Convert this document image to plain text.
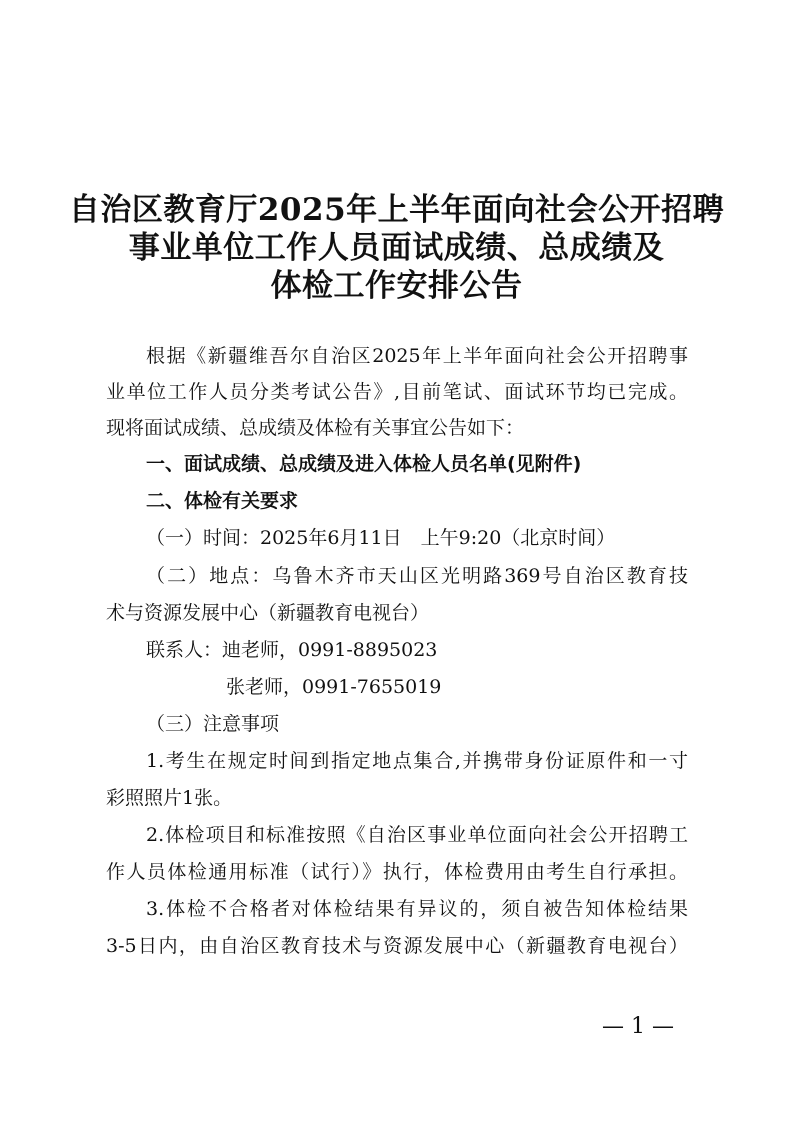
自治区教育厅2025年上半年面向社会公开招聘
事业单位工作人员面试成绩、总成绩及
体检工作安排公告
根据《新疆维吾尔自治区2025年上半年面向社会公开招聘事
业单位工作人员分类考试公告》,目前笔试、面试环节均已完成。
现将面试成绩、总成绩及体检有关事宜公告如下：
一、面试成绩、总成绩及进入体检人员名单(见附件)
二、体检有关要求
（一）时间：2025年6月11日　上午9:20（北京时间）
（二）地点：乌鲁木齐市天山区光明路369号自治区教育技
术与资源发展中心（新疆教育电视台）
联系人：迪老师，0991-8895023
张老师，0991-7655019
（三）注意事项
1.考生在规定时间到指定地点集合,并携带身份证原件和一寸
彩照照片1张。
2.体检项目和标准按照《自治区事业单位面向社会公开招聘工
作人员体检通用标准（试行）》执行，体检费用由考生自行承担。
3.体检不合格者对体检结果有异议的，须自被告知体检结果
3-5日内，由自治区教育技术与资源发展中心（新疆教育电视台）
— 1 —
